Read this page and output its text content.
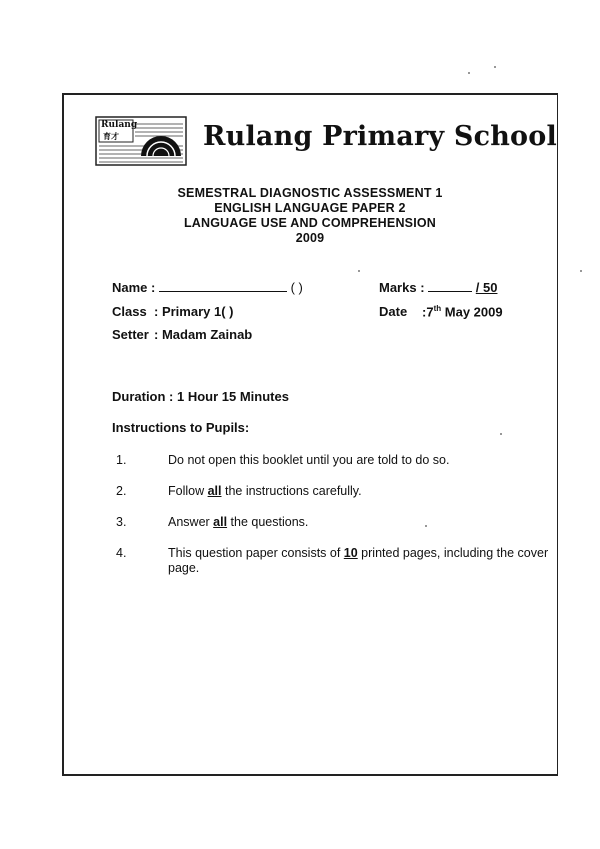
Rulang
育才	Rulang Primary School
SEMESTRAL DIAGNOSTIC ASSESSMENT 1
ENGLISH LANGUAGE PAPER 2
LANGUAGE USE AND COMPREHENSION
2009
Name :	( )	Marks :	/ 50
Class : Primary 1( )	Date :7th May 2009
Setter : Madam Zainab
Duration : 1 Hour 15 Minutes
Instructions to Pupils:
1.	Do not open this booklet until you are told to do so.
2.	Follow all the instructions carefully.
3.	Answer all the questions.
4.	This question paper consists of 10 printed pages, including the cover page.
